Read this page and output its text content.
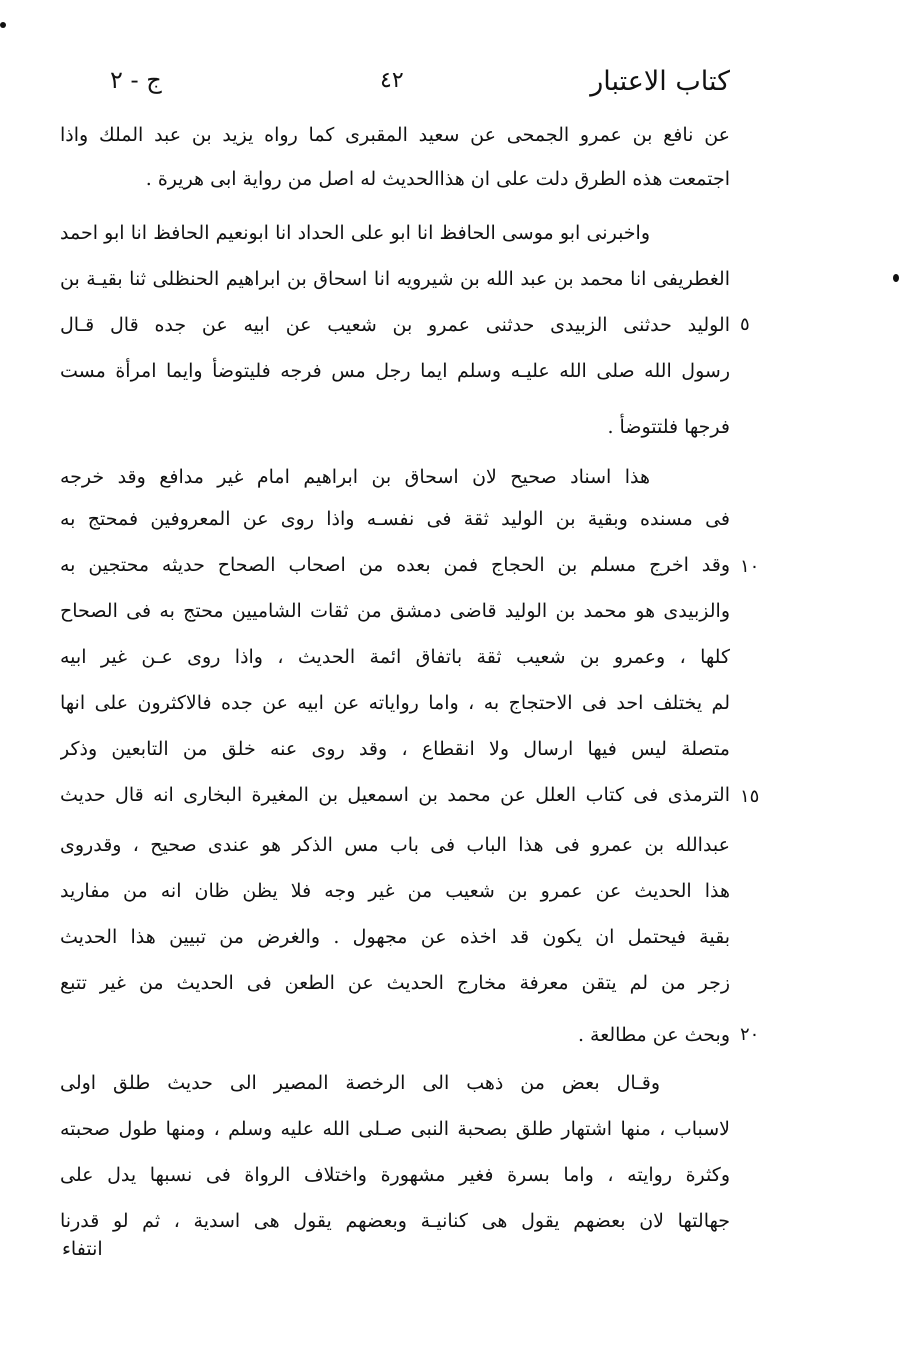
كتاب الاعتبار
٤٢
ج - ٢
عن نافع بن عمرو الجمحى عن سعيد المقبرى كما رواه يزيد بن عبد الملك واذا
اجتمعت هذه الطرق دلت على ان هذاالحديث له اصل من رواية ابى هريرة .
واخبرنى ابو موسى الحافظ انا ابو على الحداد انا ابونعيم الحافظ انا ابو احمد
الغطريفى انا محمد بن عبد الله بن شيرويه انا اسحاق بن ابراهيم الحنظلى ثنا بقيـة بن
الوليد حدثنى الزبيدى حدثنى عمرو بن شعيب عن ابيه عن جده قال قـال
رسول الله صلى الله عليـه وسلم ايما رجل مس فرجه فليتوضأ وايما امرأة مست
فرجها فلتتوضأ .
هذا اسناد صحيح لان اسحاق بن ابراهيم امام غير مدافع وقد خرجه
فى مسنده وبقية بن الوليد ثقة فى نفسـه واذا روى عن المعروفين فمحتج به
وقد اخرج مسلم بن الحجاج فمن بعده من اصحاب الصحاح حديثه محتجين به
والزبيدى هو محمد بن الوليد قاضى دمشق من ثقات الشاميين محتج به فى الصحاح
كلها ، وعمرو بن شعيب ثقة باتفاق ائمة الحديث ، واذا روى عـن غير ابيه
لم يختلف احد فى الاحتجاج به ، واما رواياته عن ابيه عن جده فالاكثرون على انها
متصلة ليس فيها ارسال ولا انقطاع ، وقد روى عنه خلق من التابعين وذكر
الترمذى فى كتاب العلل عن محمد بن اسمعيل بن المغيرة البخارى انه قال حديث
عبدالله بن عمرو فى هذا الباب فى باب مس الذكر هو عندى صحيح ، وقدروى
هذا الحديث عن عمرو بن شعيب من غير وجه فلا يظن ظان انه من مفاريد
بقية فيحتمل ان يكون قد اخذه عن مجهول . والغرض من تبيين هذا الحديث
زجر من لم يتقن معرفة مخارج الحديث عن الطعن فى الحديث من غير تتبع
وبحث عن مطالعة .
وقـال بعض من ذهب الى الرخصة المصير الى حديث طلق اولى
لاسباب ، منها اشتهار طلق بصحبة النبى صـلى الله عليه وسلم ، ومنها طول صحبته
وكثرة روايته ، واما بسرة فغير مشهورة واختلاف الرواة فى نسبها يدل على
جهالتها لان بعضهم يقول هى كنانيـة وبعضهم يقول هى اسدية ، ثم لو قدرنا
٥
١٠
١٥
٢٠
انتفاء
